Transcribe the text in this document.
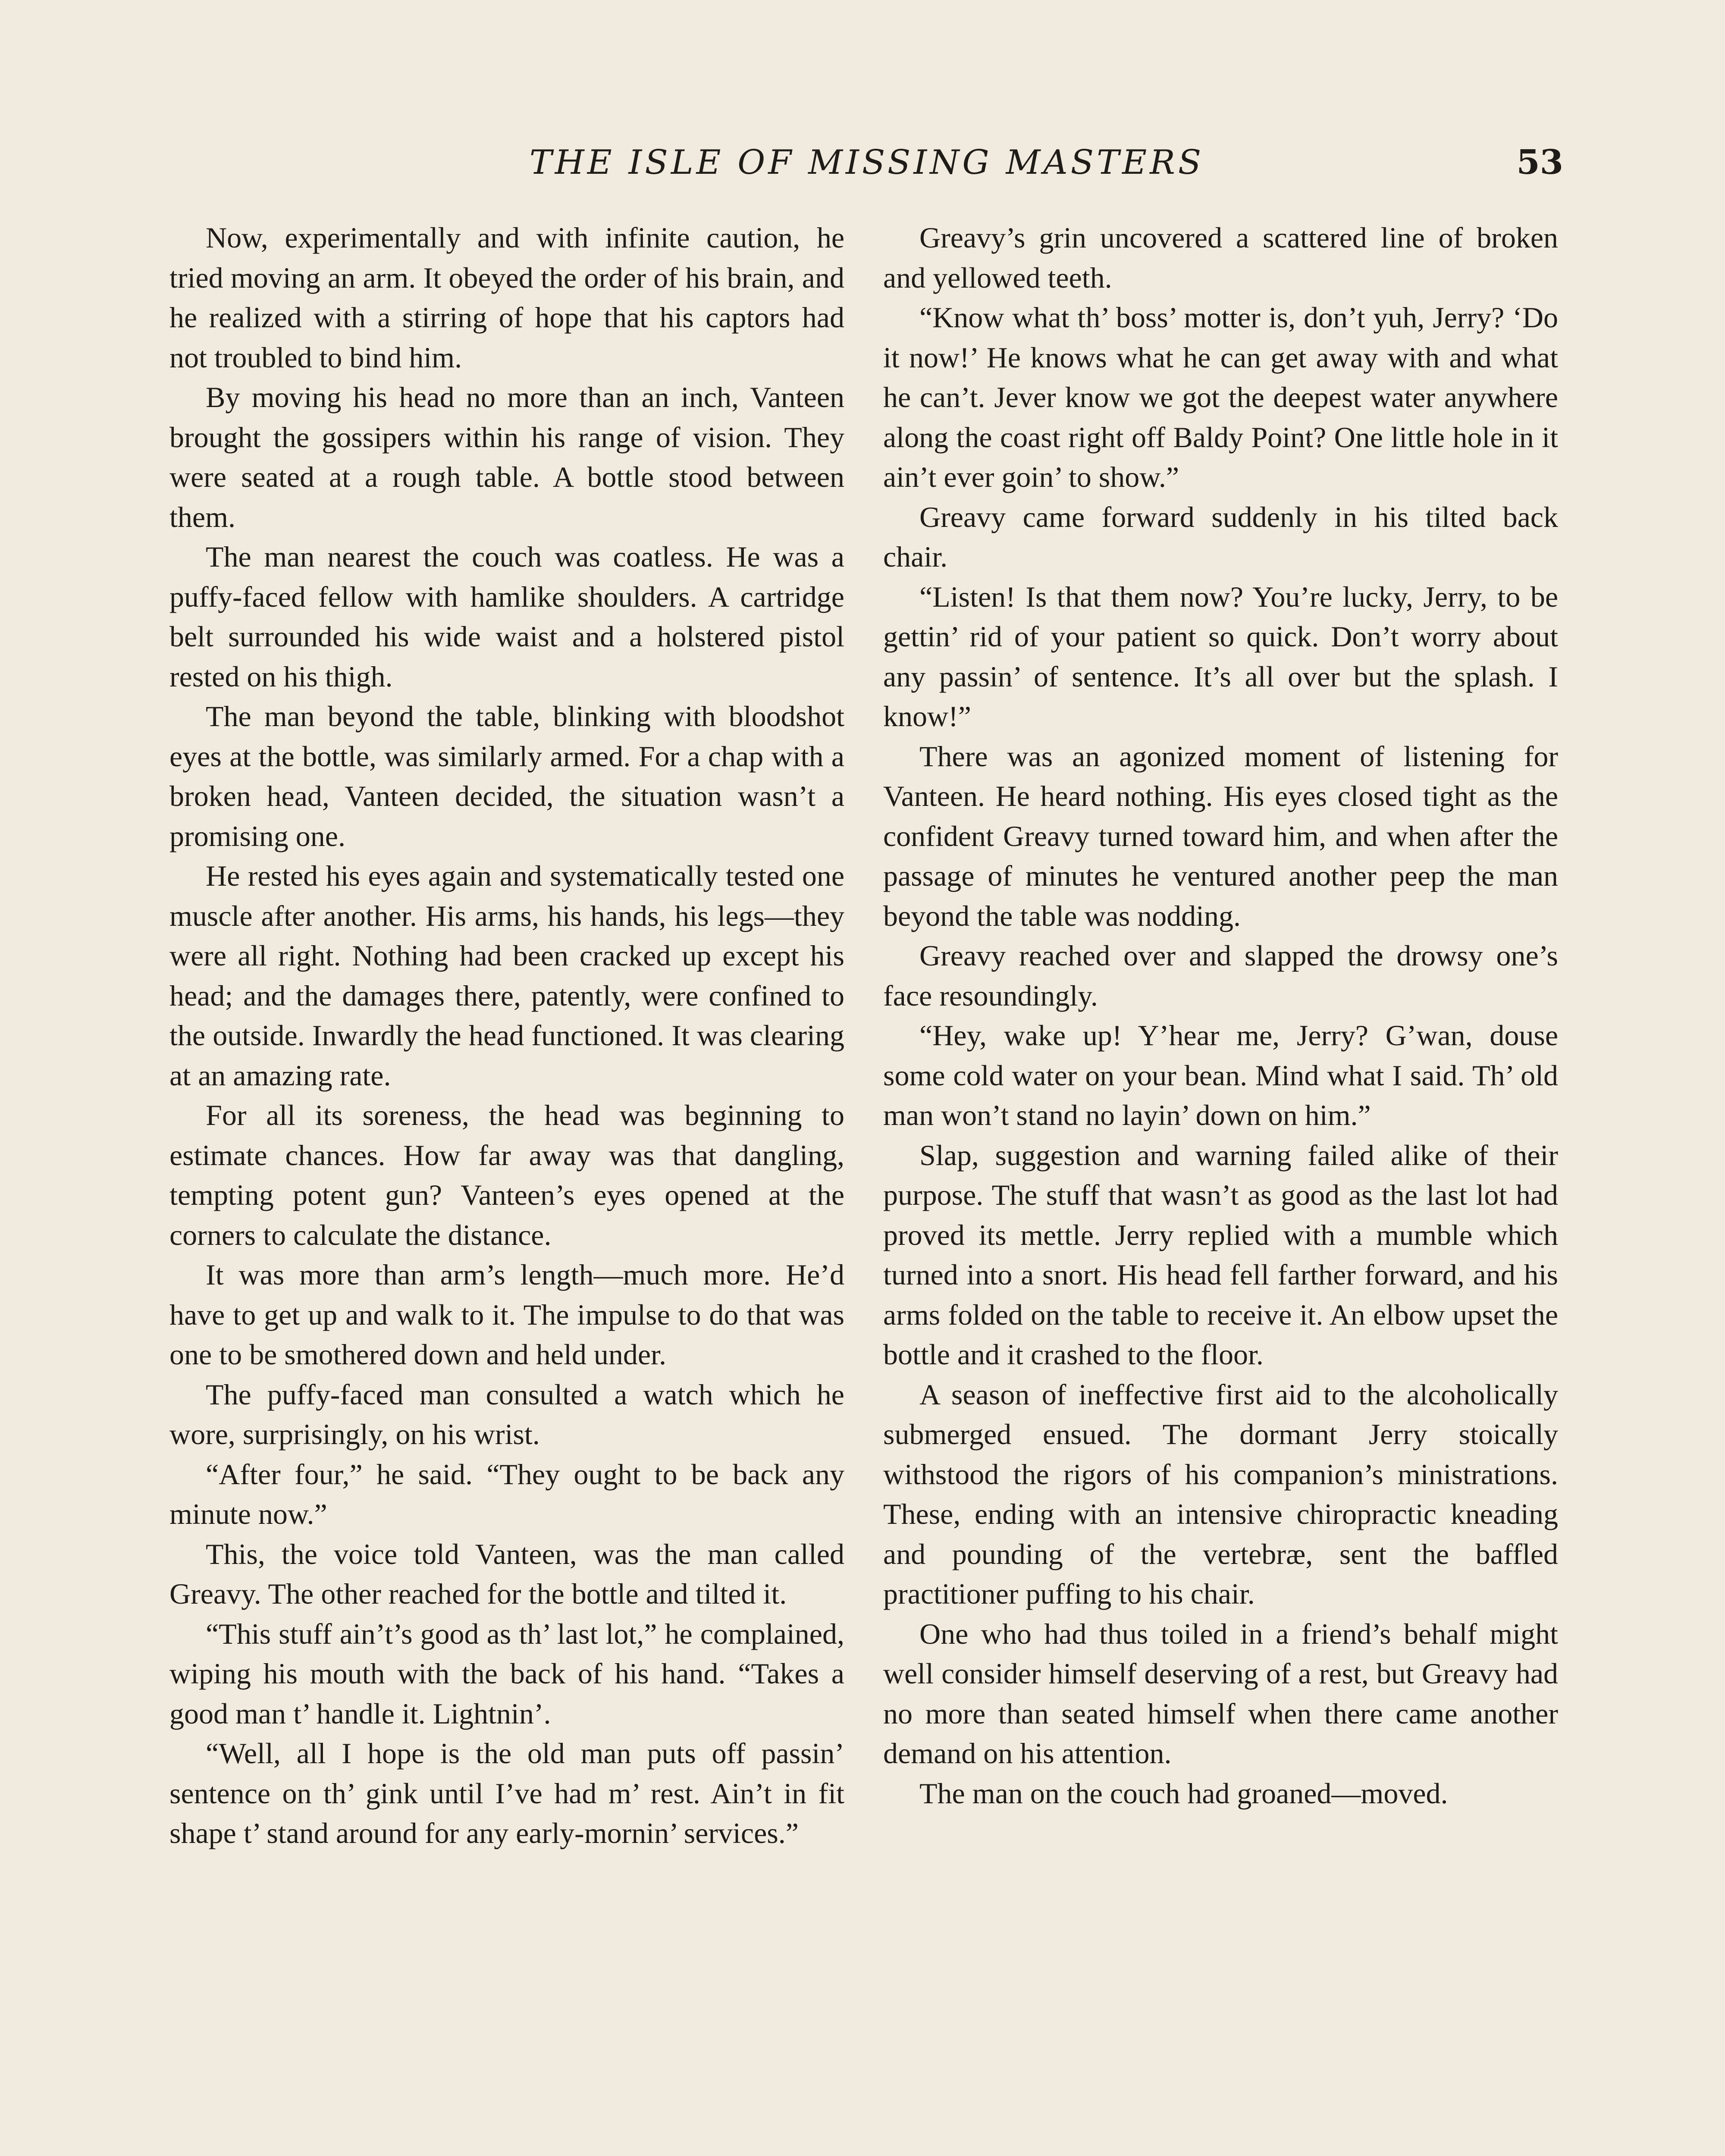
THE ISLE OF MISSING MASTERS	53

Now, experimentally and with infinite caution, he tried moving an arm. It obeyed the order of his brain, and he realized with a stirring of hope that his captors had not troubled to bind him.

By moving his head no more than an inch, Vanteen brought the gossipers within his range of vision. They were seated at a rough table. A bottle stood between them.

The man nearest the couch was coatless. He was a puffy-faced fellow with hamlike shoulders. A cartridge belt surrounded his wide waist and a holstered pistol rested on his thigh.

The man beyond the table, blinking with bloodshot eyes at the bottle, was similarly armed. For a chap with a broken head, Vanteen decided, the situation wasn’t a promising one.

He rested his eyes again and systematically tested one muscle after another. His arms, his hands, his legs—they were all right. Nothing had been cracked up except his head; and the damages there, patently, were confined to the outside. Inwardly the head functioned. It was clearing at an amazing rate.

For all its soreness, the head was beginning to estimate chances. How far away was that dangling, tempting potent gun? Vanteen’s eyes opened at the corners to calculate the distance.

It was more than arm’s length—much more. He’d have to get up and walk to it. The impulse to do that was one to be smothered down and held under.

The puffy-faced man consulted a watch which he wore, surprisingly, on his wrist.

“After four,” he said. “They ought to be back any minute now.”

This, the voice told Vanteen, was the man called Greavy. The other reached for the bottle and tilted it.

“This stuff ain’t’s good as th’ last lot,” he complained, wiping his mouth with the back of his hand. “Takes a good man t’ handle it. Lightnin’.

“Well, all I hope is the old man puts off passin’ sentence on th’ gink until I’ve had m’ rest. Ain’t in fit shape t’ stand around for any early-mornin’ services.”

Greavy’s grin uncovered a scattered line of broken and yellowed teeth.

“Know what th’ boss’ motter is, don’t yuh, Jerry? ‘Do it now!’ He knows what he can get away with and what he can’t. Jever know we got the deepest water anywhere along the coast right off Baldy Point? One little hole in it ain’t ever goin’ to show.”

Greavy came forward suddenly in his tilted back chair.

“Listen! Is that them now? You’re lucky, Jerry, to be gettin’ rid of your patient so quick. Don’t worry about any passin’ of sentence. It’s all over but the splash. I know!”

There was an agonized moment of listening for Vanteen. He heard nothing. His eyes closed tight as the confident Greavy turned toward him, and when after the passage of minutes he ventured another peep the man beyond the table was nodding.

Greavy reached over and slapped the drowsy one’s face resoundingly.

“Hey, wake up! Y’hear me, Jerry? G’wan, douse some cold water on your bean. Mind what I said. Th’ old man won’t stand no layin’ down on him.”

Slap, suggestion and warning failed alike of their purpose. The stuff that wasn’t as good as the last lot had proved its mettle. Jerry replied with a mumble which turned into a snort. His head fell farther forward, and his arms folded on the table to receive it. An elbow upset the bottle and it crashed to the floor.

A season of ineffective first aid to the alcoholically submerged ensued. The dormant Jerry stoically withstood the rigors of his companion’s ministrations. These, ending with an intensive chiropractic kneading and pounding of the vertebræ, sent the baffled practitioner puffing to his chair.

One who had thus toiled in a friend’s behalf might well consider himself deserving of a rest, but Greavy had no more than seated himself when there came another demand on his attention.

The man on the couch had groaned—moved.
